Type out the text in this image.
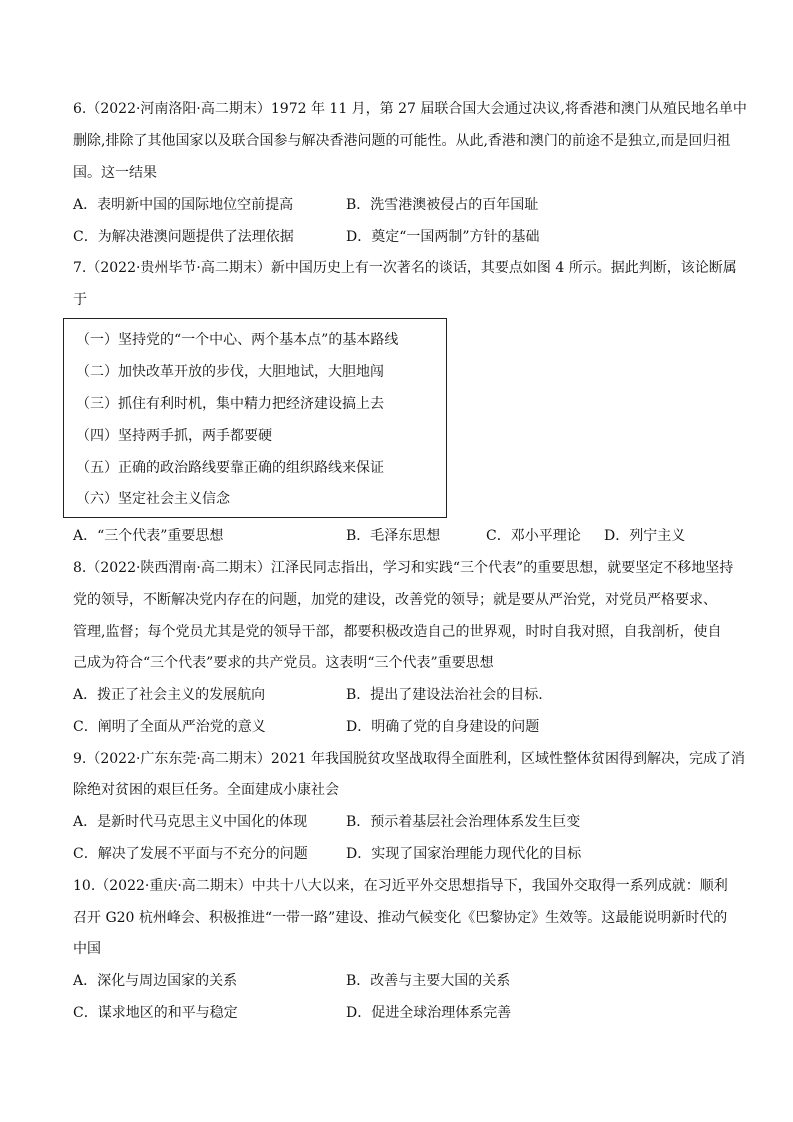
6.（2022·河南洛阳·高二期末）1972 年 11 月，第 27 届联合国大会通过决议,将香港和澳门从殖民地名单中
删除,排除了其他国家以及联合国参与解决香港问题的可能性。从此,香港和澳门的前途不是独立,而是回归祖
国。这一结果
A．表明新中国的国际地位空前提高	B．洗雪港澳被侵占的百年国耻
C．为解决港澳问题提供了法理依据	D．奠定“一国两制”方针的基础
7.（2022·贵州毕节·高二期末）新中国历史上有一次著名的谈话，其要点如图 4 所示。据此判断，该论断属
于
（一）坚持党的“一个中心、两个基本点”的基本路线
（二）加快改革开放的步伐，大胆地试，大胆地闯
（三）抓住有利时机，集中精力把经济建设搞上去
（四）坚持两手抓，两手都要硬
（五）正确的政治路线要靠正确的组织路线来保证
（六）坚定社会主义信念
A．“三个代表”重要思想	B．毛泽东思想	C．邓小平理论 D．列宁主义
8.（2022·陕西渭南·高二期末）江泽民同志指出，学习和实践“三个代表”的重要思想，就要坚定不移地坚持
党的领导，不断解决党内存在的问题，加党的建设，改善党的领导；就是要从严治党，对党员严格要求、
管理,监督；每个党员尤其是党的领导干部，都要积极改造自己的世界观，时时自我对照，自我剖析，使自
己成为符合“三个代表”要求的共产党员。这表明“三个代表”重要思想
A．拨正了社会主义的发展航向	B．提出了建设法治社会的目标.
C．阐明了全面从严治党的意义	D．明确了党的自身建设的问题
9.（2022·广东东莞·高二期末）2021 年我国脱贫攻坚战取得全面胜利，区域性整体贫困得到解决，完成了消
除绝对贫困的艰巨任务。全面建成小康社会
A．是新时代马克思主义中国化的体现	B．预示着基层社会治理体系发生巨变
C．解决了发展不平面与不充分的问题	D．实现了国家治理能力现代化的目标
10.（2022·重庆·高二期末）中共十八大以来，在习近平外交思想指导下，我国外交取得一系列成就：顺利
召开 G20 杭州峰会、积极推进“一带一路”建设、推动气候变化《巴黎协定》生效等。这最能说明新时代的
中国
A．深化与周边国家的关系	B．改善与主要大国的关系
C．谋求地区的和平与稳定	D．促进全球治理体系完善
